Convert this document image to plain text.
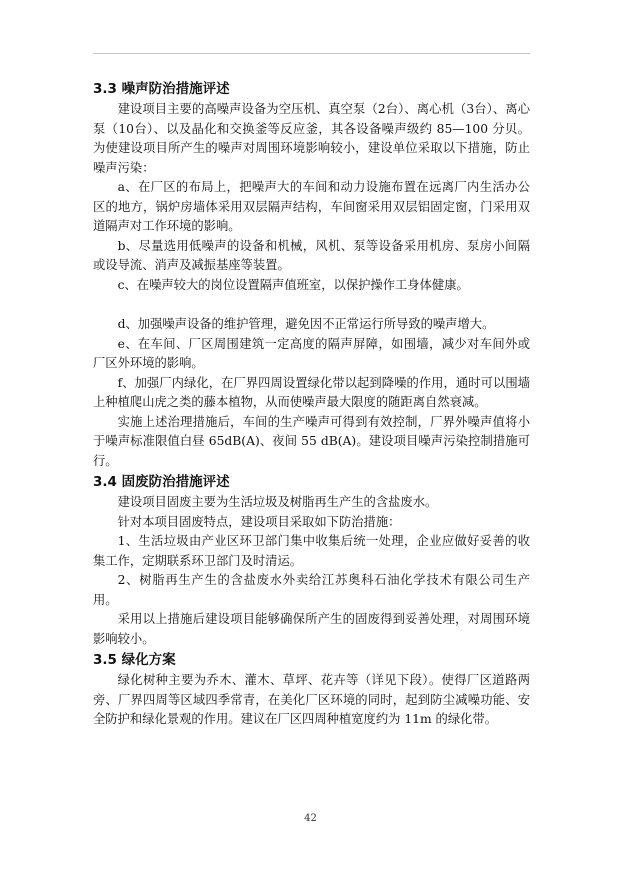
3.3 噪声防治措施评述

建设项目主要的高噪声设备为空压机、真空泵（2台）、离心机（3台）、离心泵（10台）、以及晶化和交换釜等反应釜，其各设备噪声级约 85—100 分贝。为使建设项目所产生的噪声对周围环境影响较小，建设单位采取以下措施，防止噪声污染：

a、在厂区的布局上，把噪声大的车间和动力设施布置在远离厂内生活办公区的地方，锅炉房墙体采用双层隔声结构，车间窗采用双层铝固定窗，门采用双道隔声对工作环境的影响。

b、尽量选用低噪声的设备和机械，风机、泵等设备采用机房、泵房小间隔或设导流、消声及减振基座等装置。

c、在噪声较大的岗位设置隔声值班室，以保护操作工身体健康。

d、加强噪声设备的维护管理，避免因不正常运行所导致的噪声增大。

e、在车间、厂区周围建筑一定高度的隔声屏障，如围墙，减少对车间外或厂区外环境的影响。

f、加强厂内绿化，在厂界四周设置绿化带以起到降噪的作用，通时可以围墙上种植爬山虎之类的藤本植物，从而使噪声最大限度的随距离自然衰减。

实施上述治理措施后，车间的生产噪声可得到有效控制，厂界外噪声值将小于噪声标准限值白昼 65dB(A)、夜间 55 dB(A)。建设项目噪声污染控制措施可行。

3.4 固废防治措施评述

建设项目固废主要为生活垃圾及树脂再生产生的含盐废水。

针对本项目固废特点，建设项目采取如下防治措施：

1、生活垃圾由产业区环卫部门集中收集后统一处理，企业应做好妥善的收集工作，定期联系环卫部门及时清运。

2、树脂再生产生的含盐废水外卖给江苏奥科石油化学技术有限公司生产用。

采用以上措施后建设项目能够确保所产生的固废得到妥善处理，对周围环境影响较小。

3.5 绿化方案

绿化树种主要为乔木、灌木、草坪、花卉等（详见下段）。使得厂区道路两旁、厂界四周等区域四季常青，在美化厂区环境的同时，起到防尘减噪功能、安全防护和绿化景观的作用。建议在厂区四周种植宽度约为 11m 的绿化带。

42
